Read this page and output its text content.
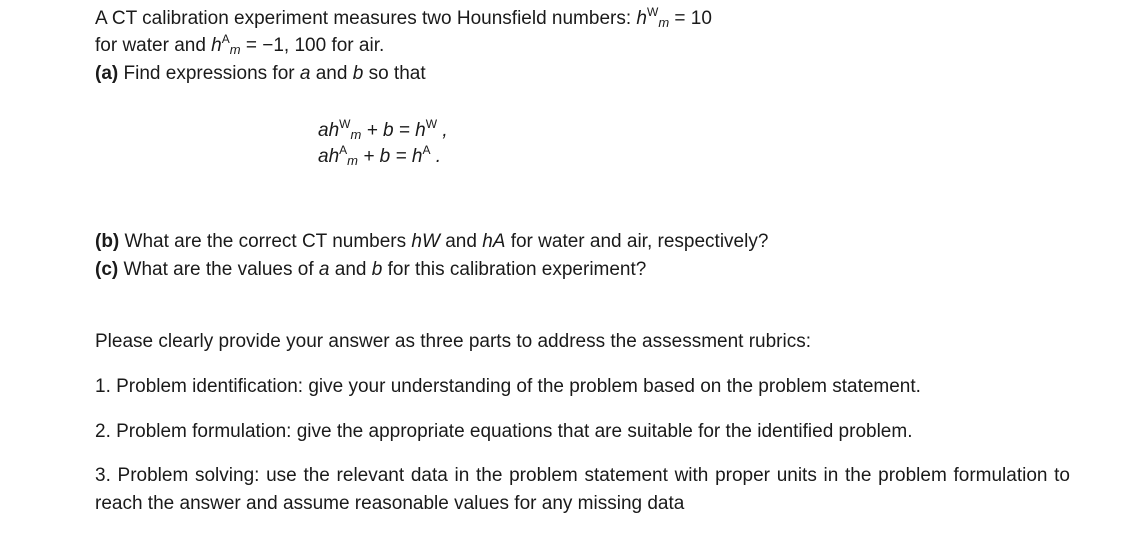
A CT calibration experiment measures two Hounsfield numbers: $h^W_m = 10$
for water and $h^A_m = -1$, 100 for air.
(a) Find expressions for a and b so that
$ah^W_m + b = h^W$ ,
$ah^A_m + b = h^A$ .
(b) What are the correct CT numbers hW and hA for water and air, respectively?
(c) What are the values of a and b for this calibration experiment?
Please clearly provide your answer as three parts to address the assessment rubrics:
1. Problem identification: give your understanding of the problem based on the problem statement.
2. Problem formulation: give the appropriate equations that are suitable for the identified problem.
3. Problem solving: use the relevant data in the problem statement with proper units in the problem formulation to reach the answer and assume reasonable values for any missing data
